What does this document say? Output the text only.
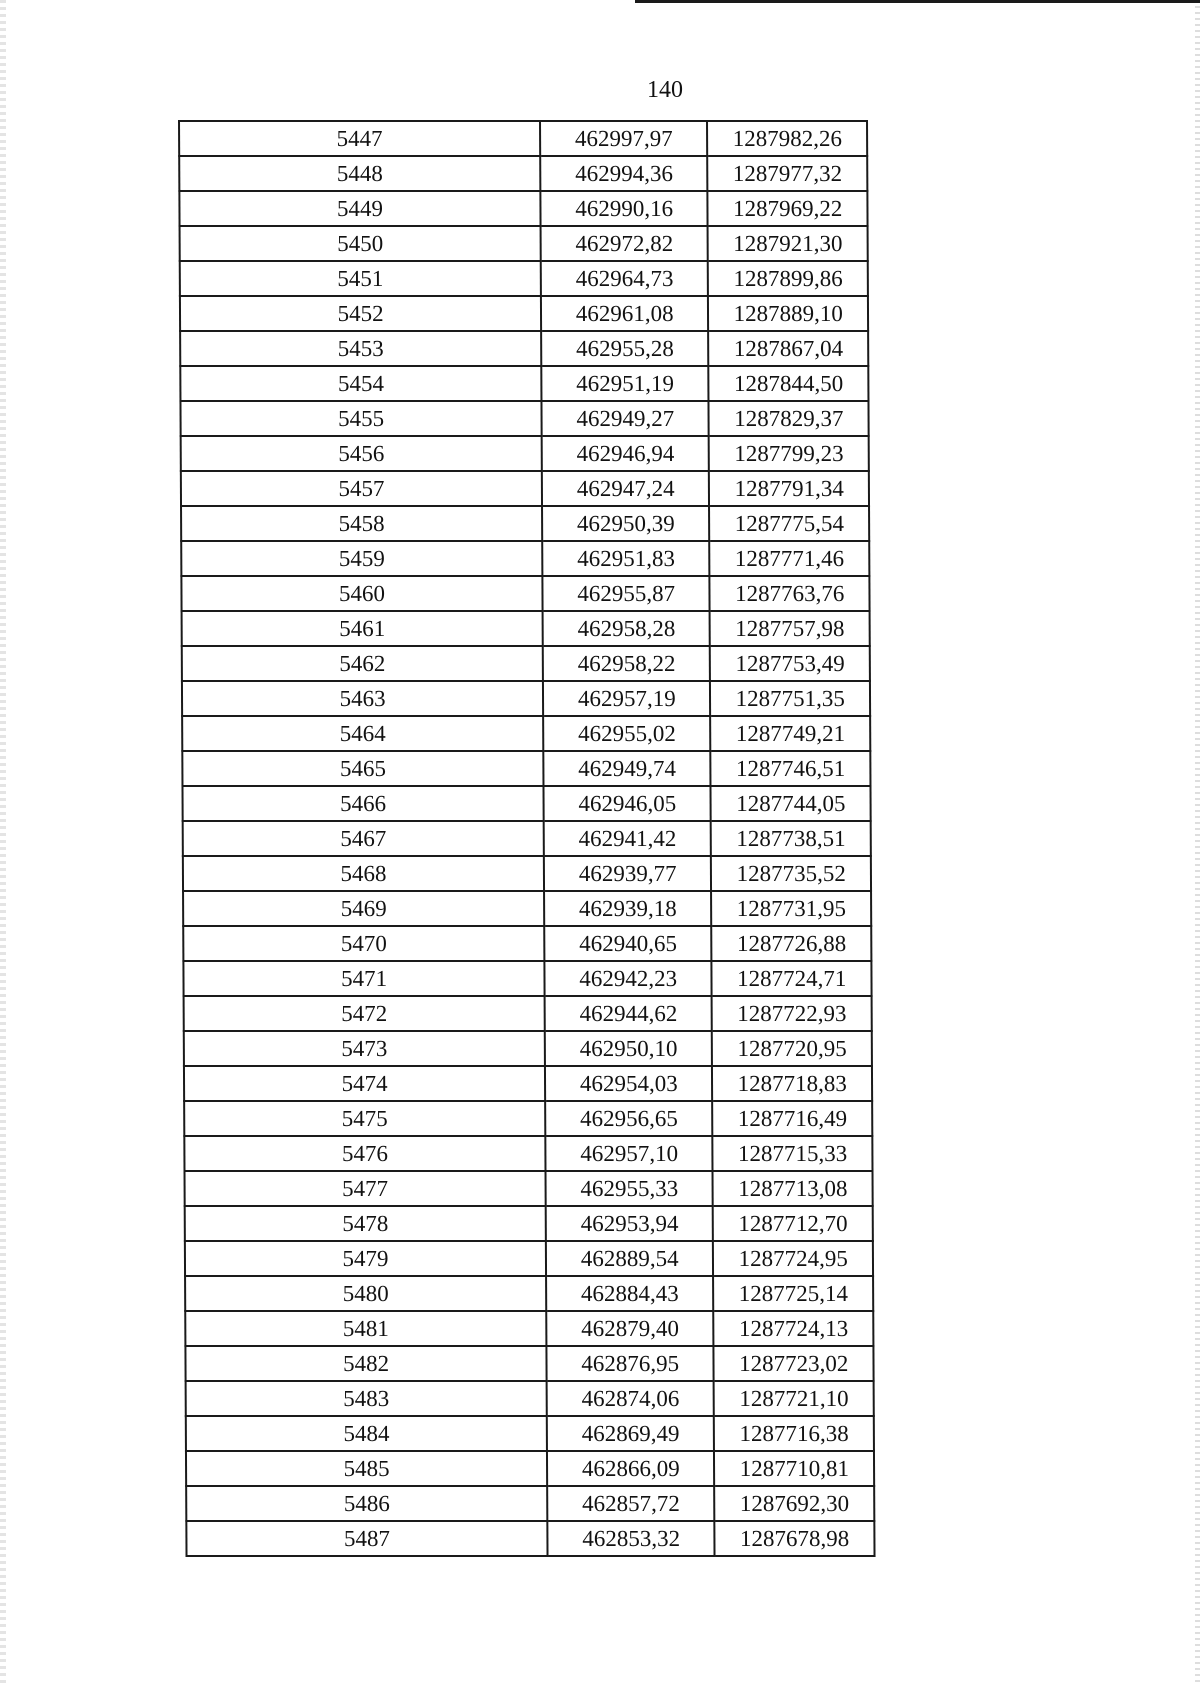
140
5447	462997,97	1287982,26
5448	462994,36	1287977,32
5449	462990,16	1287969,22
5450	462972,82	1287921,30
5451	462964,73	1287899,86
5452	462961,08	1287889,10
5453	462955,28	1287867,04
5454	462951,19	1287844,50
5455	462949,27	1287829,37
5456	462946,94	1287799,23
5457	462947,24	1287791,34
5458	462950,39	1287775,54
5459	462951,83	1287771,46
5460	462955,87	1287763,76
5461	462958,28	1287757,98
5462	462958,22	1287753,49
5463	462957,19	1287751,35
5464	462955,02	1287749,21
5465	462949,74	1287746,51
5466	462946,05	1287744,05
5467	462941,42	1287738,51
5468	462939,77	1287735,52
5469	462939,18	1287731,95
5470	462940,65	1287726,88
5471	462942,23	1287724,71
5472	462944,62	1287722,93
5473	462950,10	1287720,95
5474	462954,03	1287718,83
5475	462956,65	1287716,49
5476	462957,10	1287715,33
5477	462955,33	1287713,08
5478	462953,94	1287712,70
5479	462889,54	1287724,95
5480	462884,43	1287725,14
5481	462879,40	1287724,13
5482	462876,95	1287723,02
5483	462874,06	1287721,10
5484	462869,49	1287716,38
5485	462866,09	1287710,81
5486	462857,72	1287692,30
5487	462853,32	1287678,98
